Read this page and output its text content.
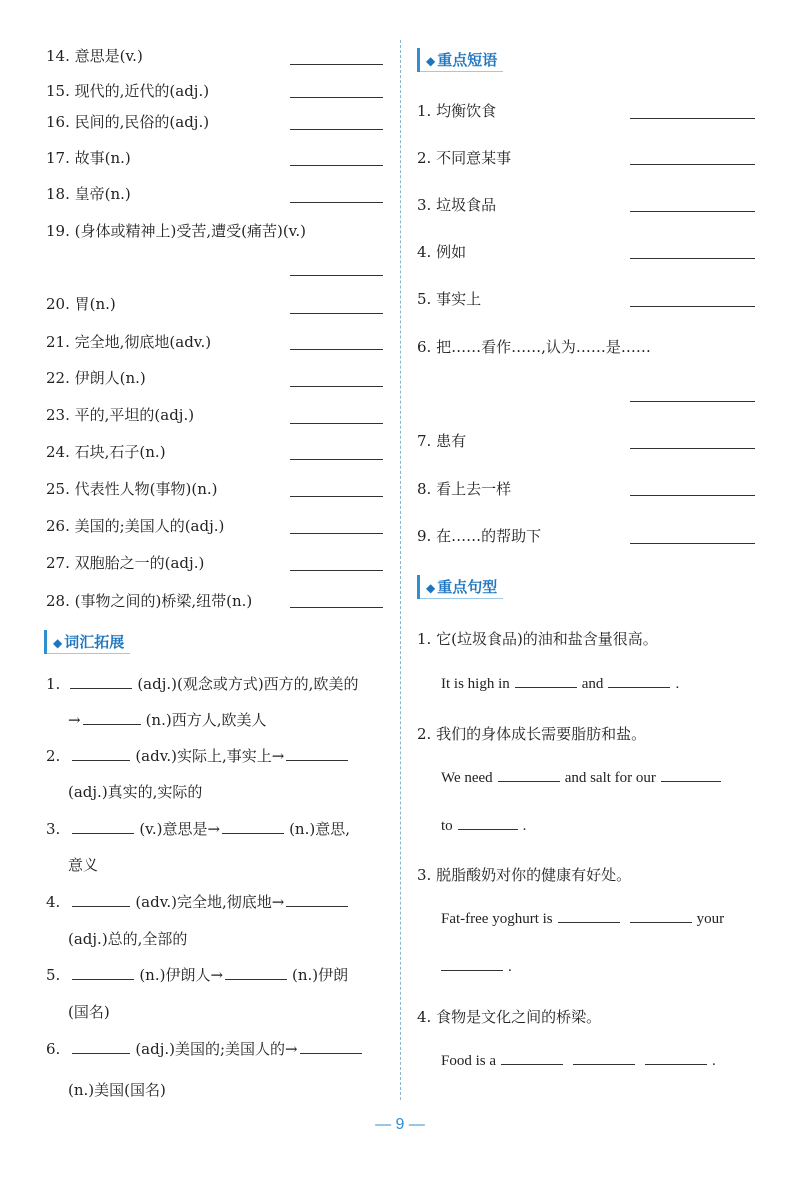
14. 意思是(v.)
15. 现代的,近代的(adj.)
16. 民间的,民俗的(adj.)
17. 故事(n.)
18. 皇帝(n.)
19. (身体或精神上)受苦,遭受(痛苦)(v.)
20. 胃(n.)
21. 完全地,彻底地(adv.)
22. 伊朗人(n.)
23. 平的,平坦的(adj.)
24. 石块,石子(n.)
25. 代表性人物(事物)(n.)
26. 美国的;美国人的(adj.)
27. 双胞胎之一的(adj.)
28. (事物之间的)桥梁,纽带(n.)
◆ 词汇拓展
1.	(adj.)(观念或方式)西方的,欧美的
→	(n.)西方人,欧美人
2.	(adv.)实际上,事实上→
(adj.)真实的,实际的
3.	(v.)意思是→	(n.)意思,
意义
4.	(adv.)完全地,彻底地→
(adj.)总的,全部的
5.	(n.)伊朗人→	(n.)伊朗
(国名)
6.	(adj.)美国的;美国人的→
(n.)美国(国名)
◆ 重点短语
1. 均衡饮食
2. 不同意某事
3. 垃圾食品
4. 例如
5. 事实上
6. 把……看作……,认为……是……
7. 患有
8. 看上去一样
9. 在……的帮助下
◆ 重点句型
1. 它(垃圾食品)的油和盐含量很高。
It is high in	and	.
2. 我们的身体成长需要脂肪和盐。
We need	and salt for our
to	.
3. 脱脂酸奶对你的健康有好处。
Fat-free yoghurt is	your
.
4. 食物是文化之间的桥梁。
Food is a	.
— 9 —
